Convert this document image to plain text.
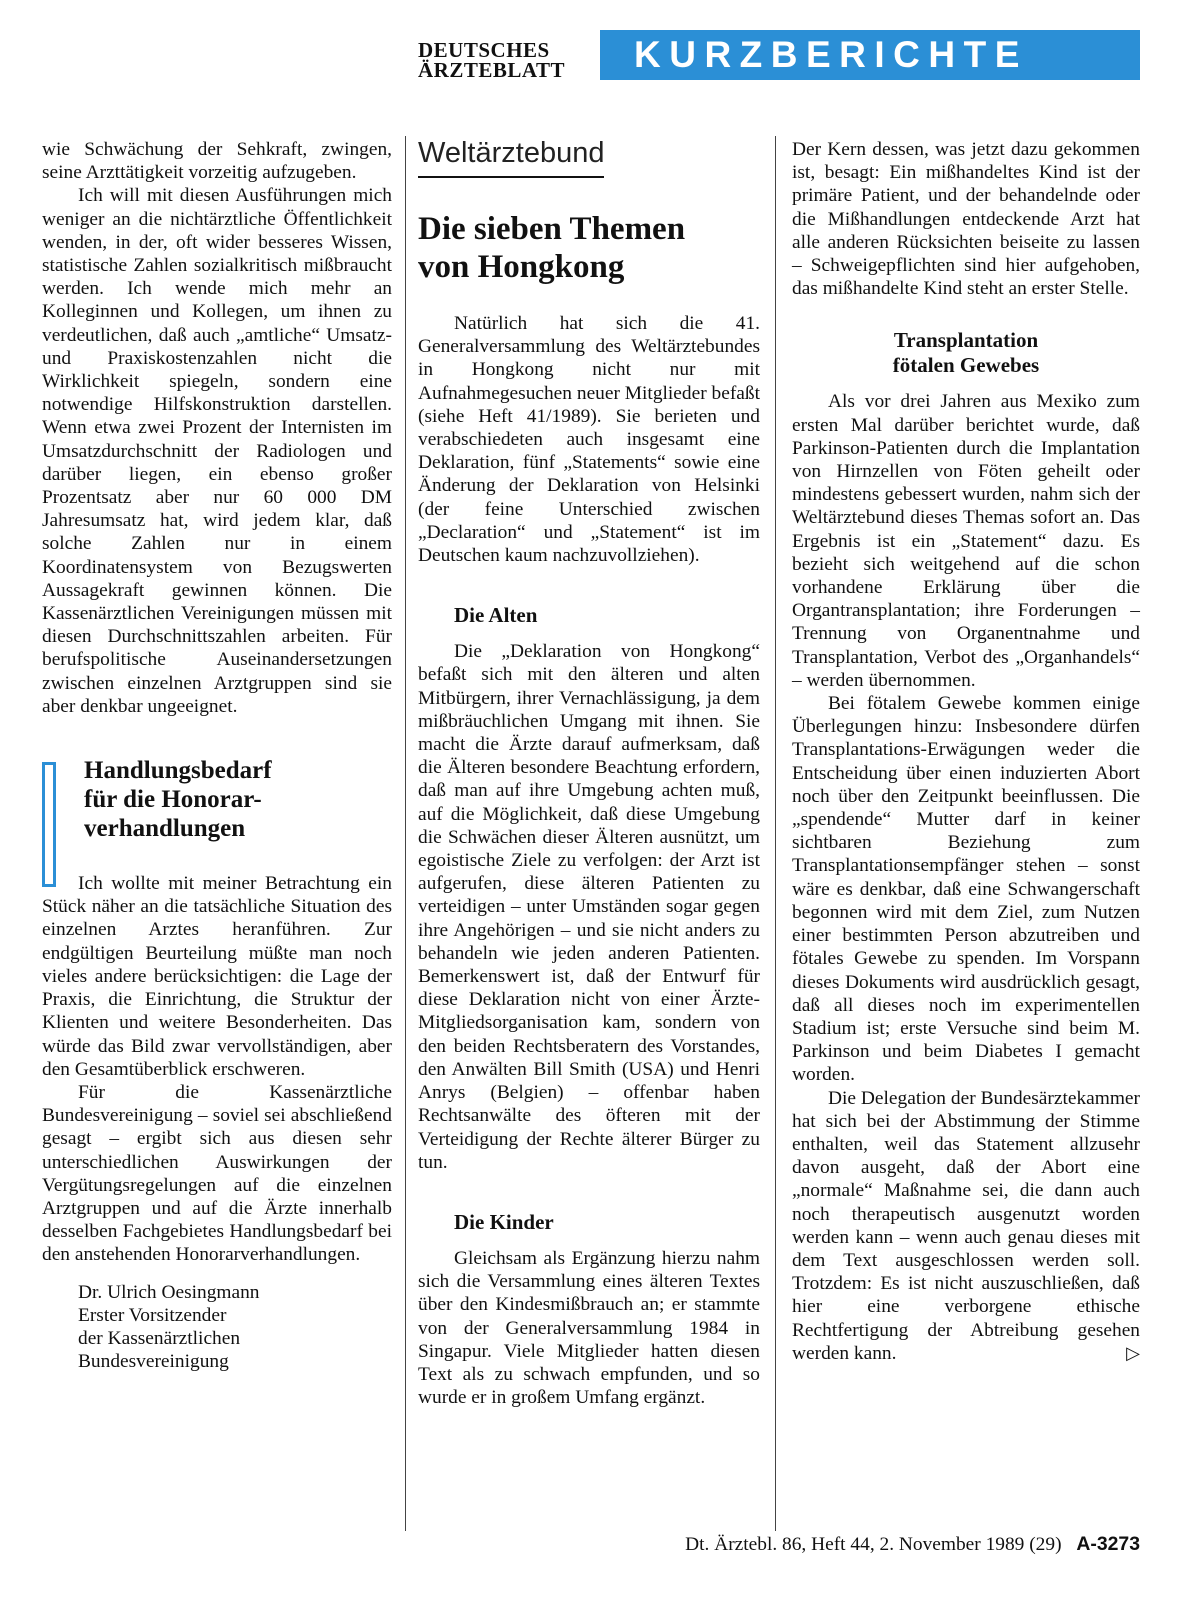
DEUTSCHES
ÄRZTEBLATT	KURZBERICHTE

wie Schwächung der Sehkraft, zwingen, seine Arzttätigkeit vorzeitig aufzugeben.

Ich will mit diesen Ausführungen mich weniger an die nichtärztliche Öffentlichkeit wenden, in der, oft wider besseres Wissen, statistische Zahlen sozialkritisch mißbraucht werden. Ich wende mich mehr an Kolleginnen und Kollegen, um ihnen zu verdeutlichen, daß auch „amtliche“ Umsatz- und Praxiskostenzahlen nicht die Wirklichkeit spiegeln, sondern eine notwendige Hilfskonstruktion darstellen. Wenn etwa zwei Prozent der Internisten im Umsatzdurchschnitt der Radiologen und darüber liegen, ein ebenso großer Prozentsatz aber nur 60 000 DM Jahresumsatz hat, wird jedem klar, daß solche Zahlen nur in einem Koordinatensystem von Bezugswerten Aussagekraft gewinnen können. Die Kassenärztlichen Vereinigungen müssen mit diesen Durchschnittszahlen arbeiten. Für berufspolitische Auseinandersetzungen zwischen einzelnen Arztgruppen sind sie aber denkbar ungeeignet.

Handlungsbedarf
für die Honorar-
verhandlungen

Ich wollte mit meiner Betrachtung ein Stück näher an die tatsächliche Situation des einzelnen Arztes heranführen. Zur endgültigen Beurteilung müßte man noch vieles andere berücksichtigen: die Lage der Praxis, die Einrichtung, die Struktur der Klienten und weitere Besonderheiten. Das würde das Bild zwar vervollständigen, aber den Gesamtüberblick erschweren.

Für die Kassenärztliche Bundesvereinigung – soviel sei abschließend gesagt – ergibt sich aus diesen sehr unterschiedlichen Auswirkungen der Vergütungsregelungen auf die einzelnen Arztgruppen und auf die Ärzte innerhalb desselben Fachgebietes Handlungsbedarf bei den anstehenden Honorarverhandlungen.

Dr. Ulrich Oesingmann
Erster Vorsitzender
der Kassenärztlichen
Bundesvereinigung
Weltärztebund
Die sieben Themen
von Hongkong

Natürlich hat sich die 41. Generalversammlung des Weltärztebundes in Hongkong nicht nur mit Aufnahmegesuchen neuer Mitglieder befaßt (siehe Heft 41/1989). Sie berieten und verabschiedeten auch insgesamt eine Deklaration, fünf „Statements“ sowie eine Änderung der Deklaration von Helsinki (der feine Unterschied zwischen „Declaration“ und „Statement“ ist im Deutschen kaum nachzuvollziehen).

Die Alten

Die „Deklaration von Hongkong“ befaßt sich mit den älteren und alten Mitbürgern, ihrer Vernachlässigung, ja dem mißbräuchlichen Umgang mit ihnen. Sie macht die Ärzte darauf aufmerksam, daß die Älteren besondere Beachtung erfordern, daß man auf ihre Umgebung achten muß, auf die Möglichkeit, daß diese Umgebung die Schwächen dieser Älteren ausnützt, um egoistische Ziele zu verfolgen: der Arzt ist aufgerufen, diese älteren Patienten zu verteidigen – unter Umständen sogar gegen ihre Angehörigen – und sie nicht anders zu behandeln wie jeden anderen Patienten. Bemerkenswert ist, daß der Entwurf für diese Deklaration nicht von einer Ärzte-Mitgliedsorganisation kam, sondern von den beiden Rechtsberatern des Vorstandes, den Anwälten Bill Smith (USA) und Henri Anrys (Belgien) – offenbar haben Rechtsanwälte des öfteren mit der Verteidigung der Rechte älterer Bürger zu tun.

Die Kinder

Gleichsam als Ergänzung hierzu nahm sich die Versammlung eines älteren Textes über den Kindesmißbrauch an; er stammte von der Generalversammlung 1984 in Singapur. Viele Mitglieder hatten diesen Text als zu schwach empfunden, und so wurde er in großem Umfang ergänzt.

Der Kern dessen, was jetzt dazu gekommen ist, besagt: Ein mißhandeltes Kind ist der primäre Patient, und der behandelnde oder die Mißhandlungen entdeckende Arzt hat alle anderen Rücksichten beiseite zu lassen – Schweigepflichten sind hier aufgehoben, das mißhandelte Kind steht an erster Stelle.

Transplantation
fötalen Gewebes

Als vor drei Jahren aus Mexiko zum ersten Mal darüber berichtet wurde, daß Parkinson-Patienten durch die Implantation von Hirnzellen von Föten geheilt oder mindestens gebessert wurden, nahm sich der Weltärztebund dieses Themas sofort an. Das Ergebnis ist ein „Statement“ dazu. Es bezieht sich weitgehend auf die schon vorhandene Erklärung über die Organtransplantation; ihre Forderungen – Trennung von Organentnahme und Transplantation, Verbot des „Organhandels“ – werden übernommen.

Bei fötalem Gewebe kommen einige Überlegungen hinzu: Insbesondere dürfen Transplantations-Erwägungen weder die Entscheidung über einen induzierten Abort noch über den Zeitpunkt beeinflussen. Die „spendende“ Mutter darf in keiner sichtbaren Beziehung zum Transplantationsempfänger stehen – sonst wäre es denkbar, daß eine Schwangerschaft begonnen wird mit dem Ziel, zum Nutzen einer bestimmten Person abzutreiben und fötales Gewebe zu spenden. Im Vorspann dieses Dokuments wird ausdrücklich gesagt, daß all dieses noch im experimentellen Stadium ist; erste Versuche sind beim M. Parkinson und beim Diabetes I gemacht worden.

Die Delegation der Bundesärztekammer hat sich bei der Abstimmung der Stimme enthalten, weil das Statement allzusehr davon ausgeht, daß der Abort eine „normale“ Maßnahme sei, die dann auch noch therapeutisch ausgenutzt worden werden kann – wenn auch genau dieses mit dem Text ausgeschlossen werden soll. Trotzdem: Es ist nicht auszuschließen, daß hier eine verborgene ethische Rechtfertigung der Abtreibung gesehen werden kann.	▷

Dt. Ärztebl. 86, Heft 44, 2. November 1989 (29) A-3273
